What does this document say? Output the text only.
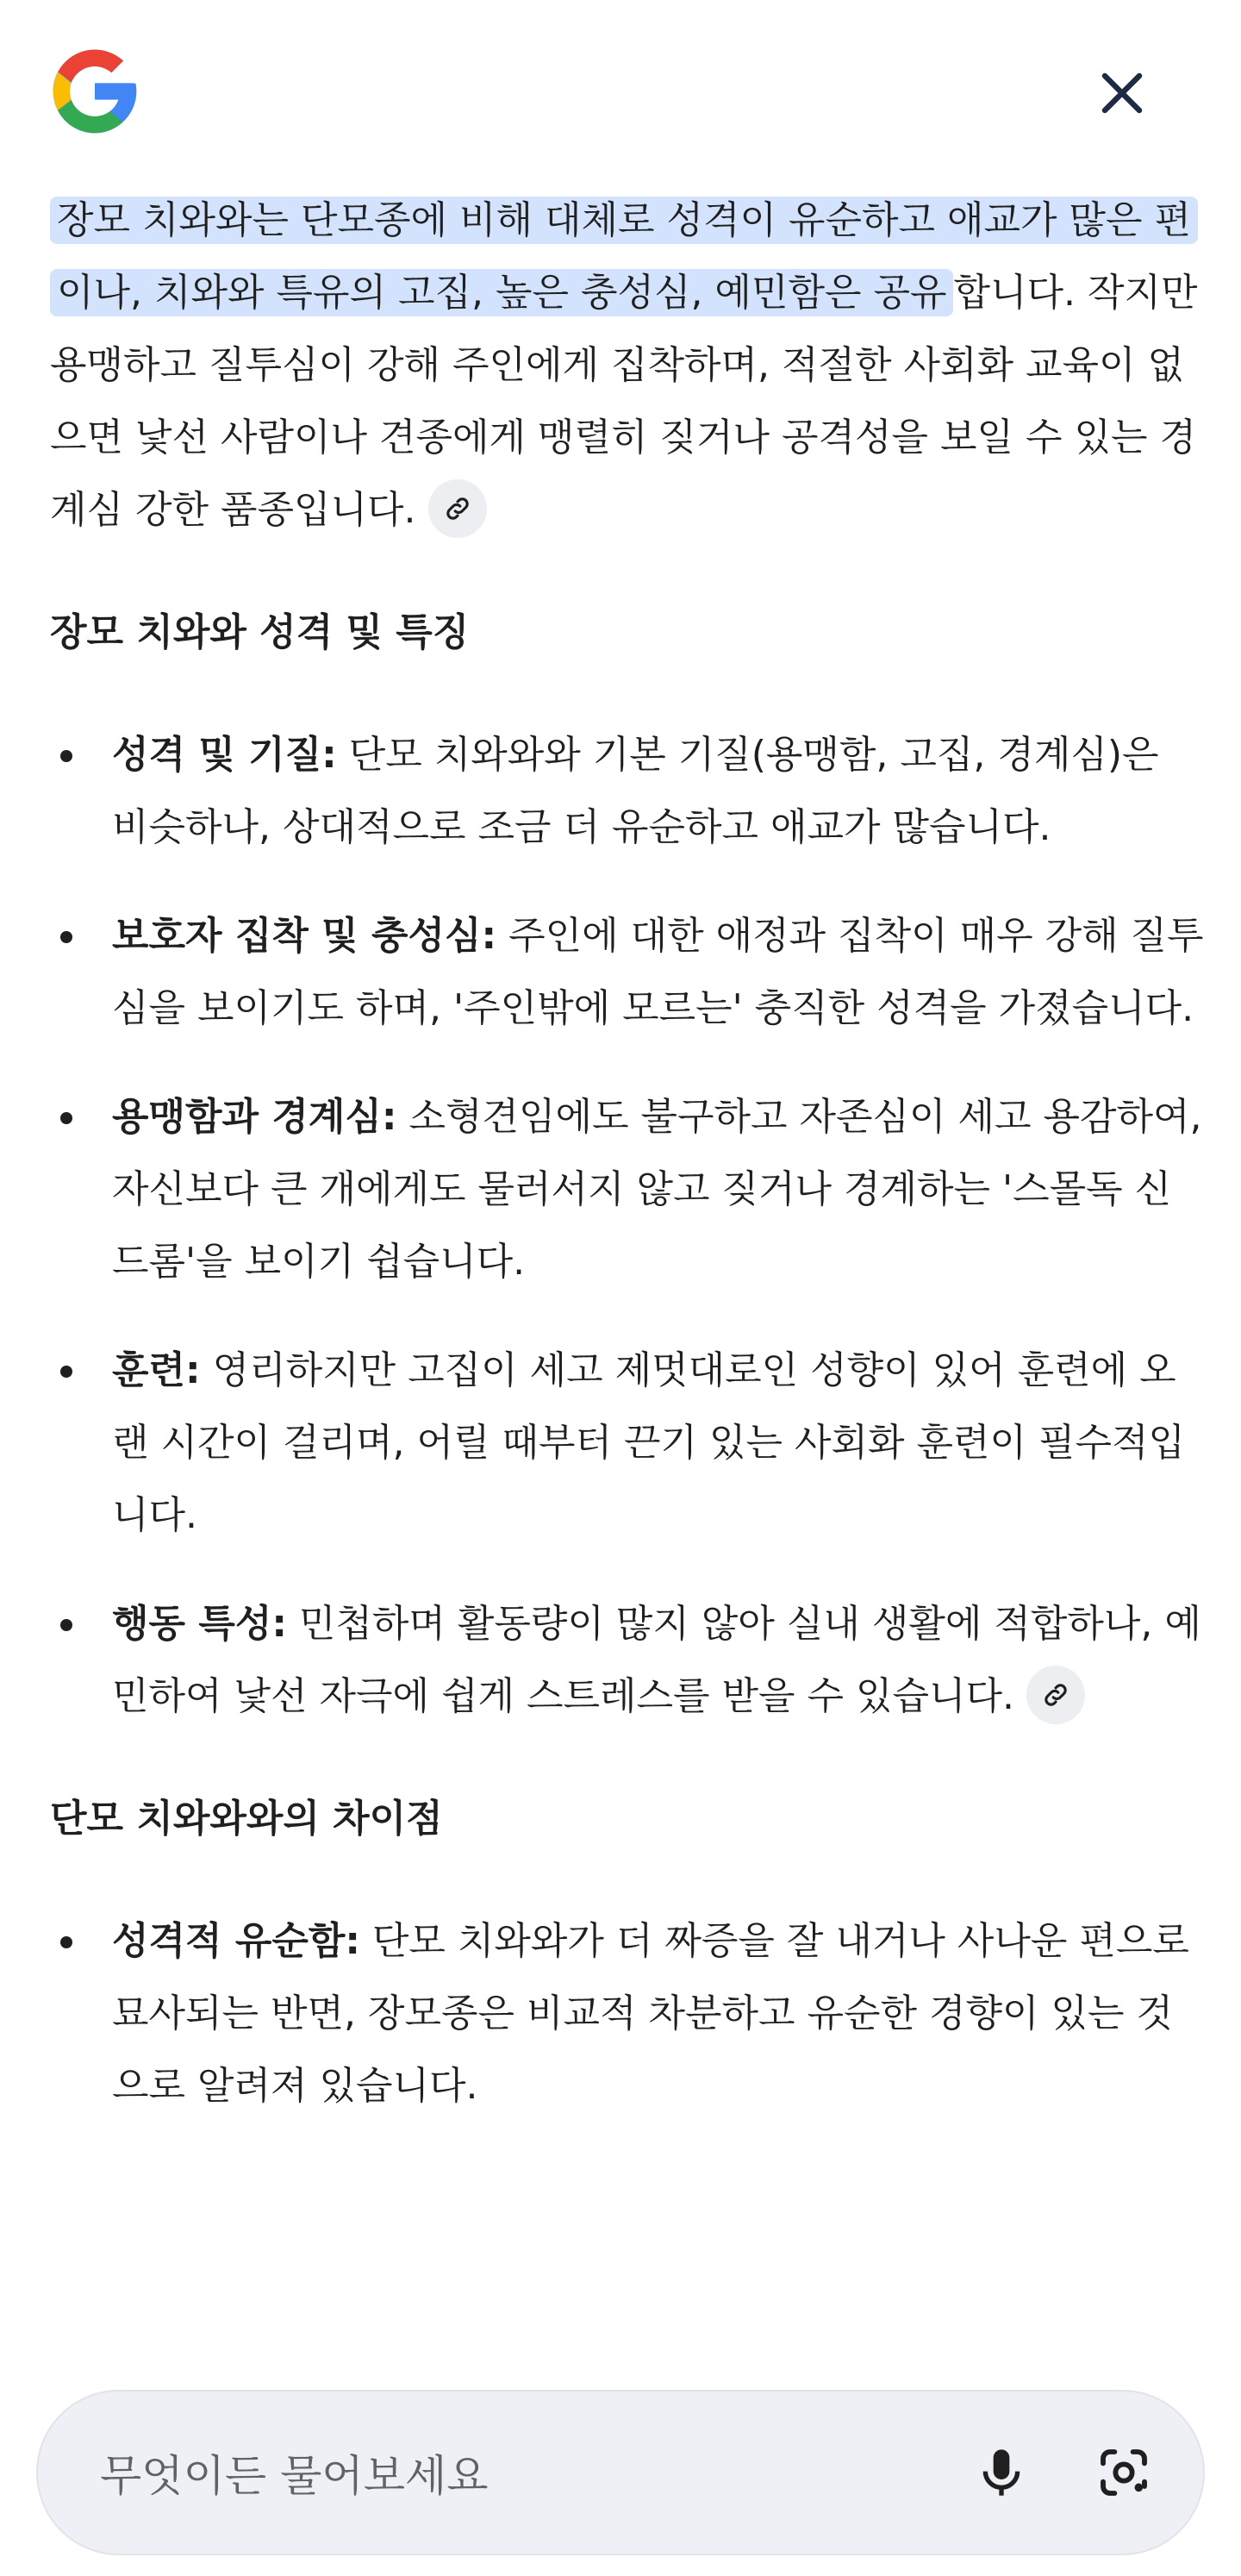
장모 치와와는 단모종에 비해 대체로 성격이 유순하고 애교가 많은 편이나, 치와와 특유의 고집, 높은 충성심, 예민함은 공유 합니다. 작지만 용맹하고 질투심이 강해 주인에게 집착하며, 적절한 사회화 교육이 없으면 낯선 사람이나 견종에게 맹렬히 짖거나 공격성을 보일 수 있는 경계심 강한 품종입니다.

장모 치와와 성격 및 특징
성격 및 기질: 단모 치와와와 기본 기질(용맹함, 고집, 경계심)은 비슷하나, 상대적으로 조금 더 유순하고 애교가 많습니다.
보호자 집착 및 충성심: 주인에 대한 애정과 집착이 매우 강해 질투심을 보이기도 하며, '주인밖에 모르는' 충직한 성격을 가졌습니다.
용맹함과 경계심: 소형견임에도 불구하고 자존심이 세고 용감하여, 자신보다 큰 개에게도 물러서지 않고 짖거나 경계하는 '스몰독 신드롬'을 보이기 쉽습니다.
훈련: 영리하지만 고집이 세고 제멋대로인 성향이 있어 훈련에 오랜 시간이 걸리며, 어릴 때부터 끈기 있는 사회화 훈련이 필수적입니다.
행동 특성: 민첩하며 활동량이 많지 않아 실내 생활에 적합하나, 예민하여 낯선 자극에 쉽게 스트레스를 받을 수 있습니다.
단모 치와와와의 차이점
성격적 유순함: 단모 치와와가 더 짜증을 잘 내거나 사나운 편으로 묘사되는 반면, 장모종은 비교적 차분하고 유순한 경향이 있는 것으로 알려져 있습니다.
무엇이든 물어보세요
